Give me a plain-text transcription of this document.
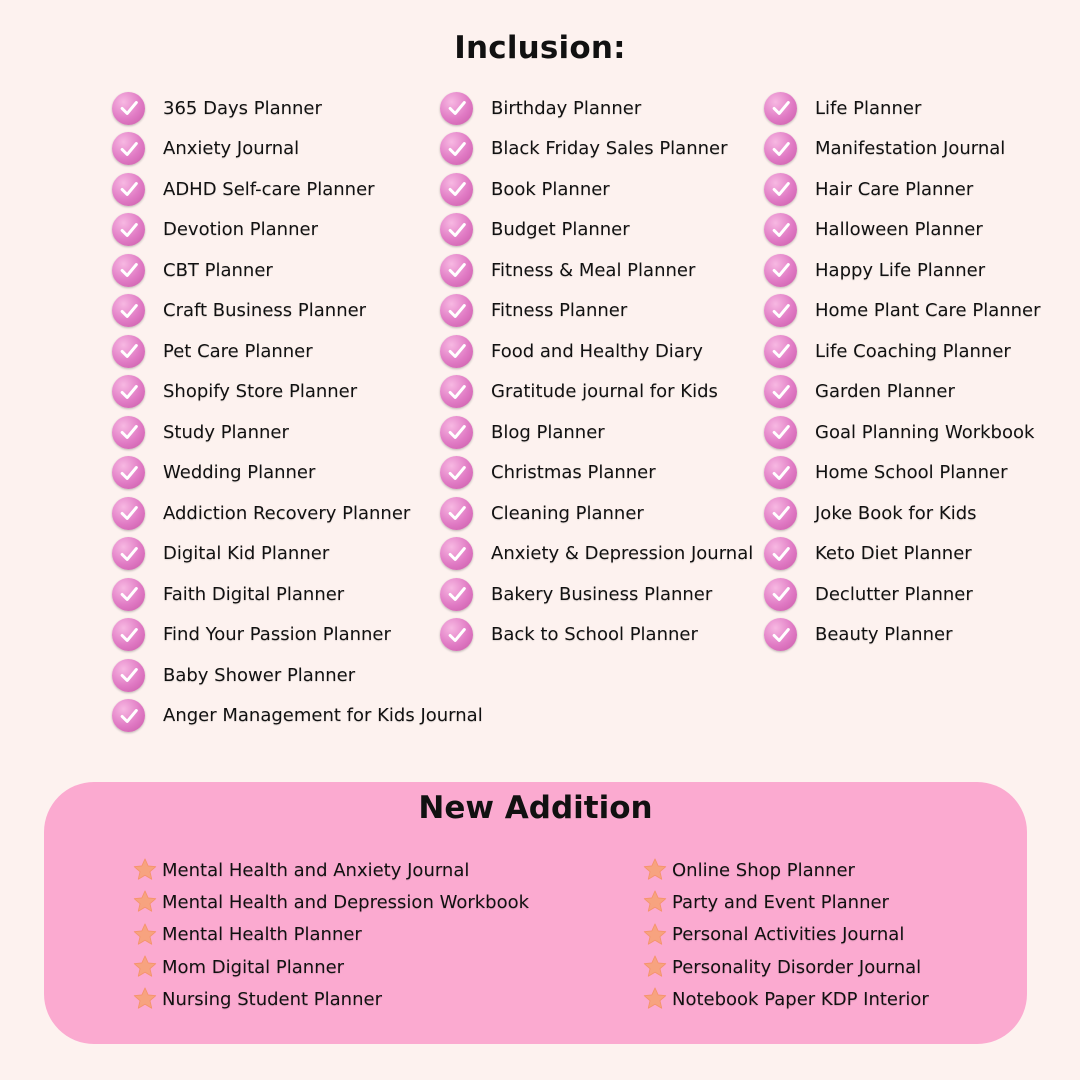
Inclusion:
365 Days Planner
Anxiety Journal
ADHD Self-care Planner
Devotion Planner
CBT Planner
Craft Business Planner
Pet Care Planner
Shopify Store Planner
Study Planner
Wedding Planner
Addiction Recovery Planner
Digital Kid Planner
Faith Digital Planner
Find Your Passion Planner
Baby Shower Planner
Anger Management for Kids Journal
Birthday Planner
Black Friday Sales Planner
Book Planner
Budget Planner
Fitness & Meal Planner
Fitness Planner
Food and Healthy Diary
Gratitude journal for Kids
Blog Planner
Christmas Planner
Cleaning Planner
Anxiety & Depression Journal
Bakery Business Planner
Back to School Planner
Life Planner
Manifestation Journal
Hair Care Planner
Halloween Planner
Happy Life Planner
Home Plant Care Planner
Life Coaching Planner
Garden Planner
Goal Planning Workbook
Home School Planner
Joke Book for Kids
Keto Diet Planner
Declutter Planner
Beauty Planner
New Addition
Mental Health and Anxiety Journal
Mental Health and Depression Workbook
Mental Health Planner
Mom Digital Planner
Nursing Student Planner
Online Shop Planner
Party and Event Planner
Personal Activities Journal
Personality Disorder Journal
Notebook Paper KDP Interior
